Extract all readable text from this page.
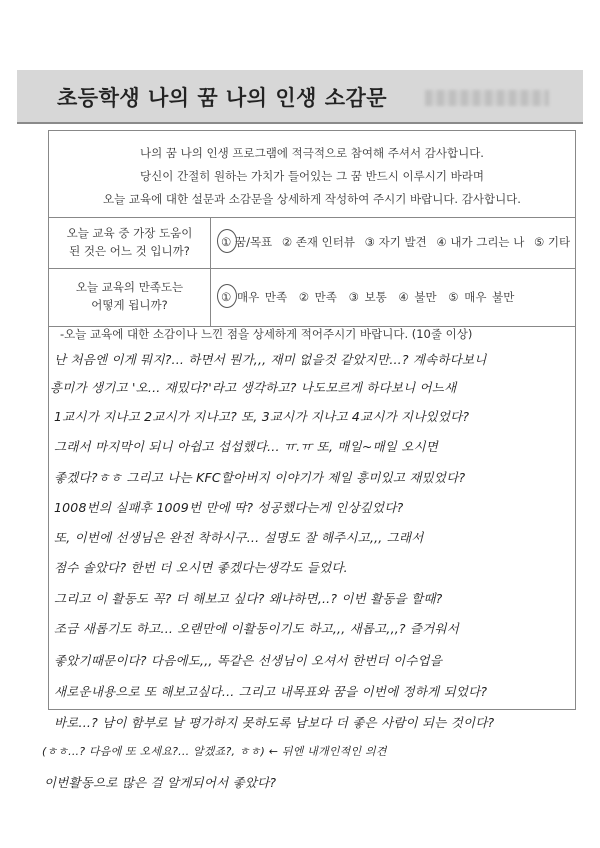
초등학생 나의 꿈 나의 인생 소감문
나의 꿈 나의 인생 프로그램에 적극적으로 참여해 주셔서 감사합니다.
당신이 간절히 원하는 가치가 들어있는 그 꿈 반드시 이루시기 바라며
오늘 교육에 대한 설문과 소감문을 상세하게 작성하여 주시기 바랍니다. 감사합니다.
오늘 교육 중 가장 도움이
된 것은 어느 것 입니까?
① 꿈/목표 ② 존재 인터뷰 ③ 자기 발견 ④ 내가 그리는 나 ⑤ 기타
오늘 교육의 만족도는
어떻게 됩니까?
① 매우 만족 ② 만족 ③ 보통 ④ 불만 ⑤ 매우 불만
-오늘 교육에 대한 소감이나 느낀 점을 상세하게 적어주시기 바랍니다. (10줄 이상)
난 처음엔 이게 뭐지?... 하면서 뭔가,,, 재미 없을것 같았지만...? 계속하다보니
흥미가 생기고 '오... 재밌다?'라고 생각하고? 나도모르게 하다보니 어느새
1교시가 지나고 2교시가 지나고? 또, 3교시가 지나고 4교시가 지나있었다?
그래서 마지막이 되니 아쉽고 섭섭했다... ㅠ.ㅠ 또, 매일~매일 오시면
좋겠다?ㅎㅎ 그리고 나는 KFC할아버지 이야기가 제일 흥미있고 재밌었다?
1008번의 실패후 1009번 만에 딱? 성공했다는게 인상깊었다?
또, 이번에 선생님은 완전 착하시구... 설명도 잘 해주시고,,, 그래서
점수 솔았다? 한번 더 오시면 좋겠다는생각도 들었다.
그리고 이 활동도 꼭? 더 해보고 싶다? 왜냐하면,..? 이번 활동을 할때?
조금 새롭기도 하고... 오랜만에 이활동이기도 하고,,, 새롭고,,,? 즐거워서
좋았기때문이다? 다음에도,,, 똑같은 선생님이 오셔서 한번더 이수업을
새로운내용으로 또 해보고싶다... 그리고 내목표와 꿈을 이번에 정하게 되었다?
바로...? 남이 함부로 날 평가하지 못하도록 남보다 더 좋은 사람이 되는 것이다?
(ㅎㅎ...? 다음에 또 오세요?... 알겠죠?, ㅎㅎ) ← 뒤엔 내개인적인 의견
이번활동으로 많은 걸 알게되어서 좋았다?
